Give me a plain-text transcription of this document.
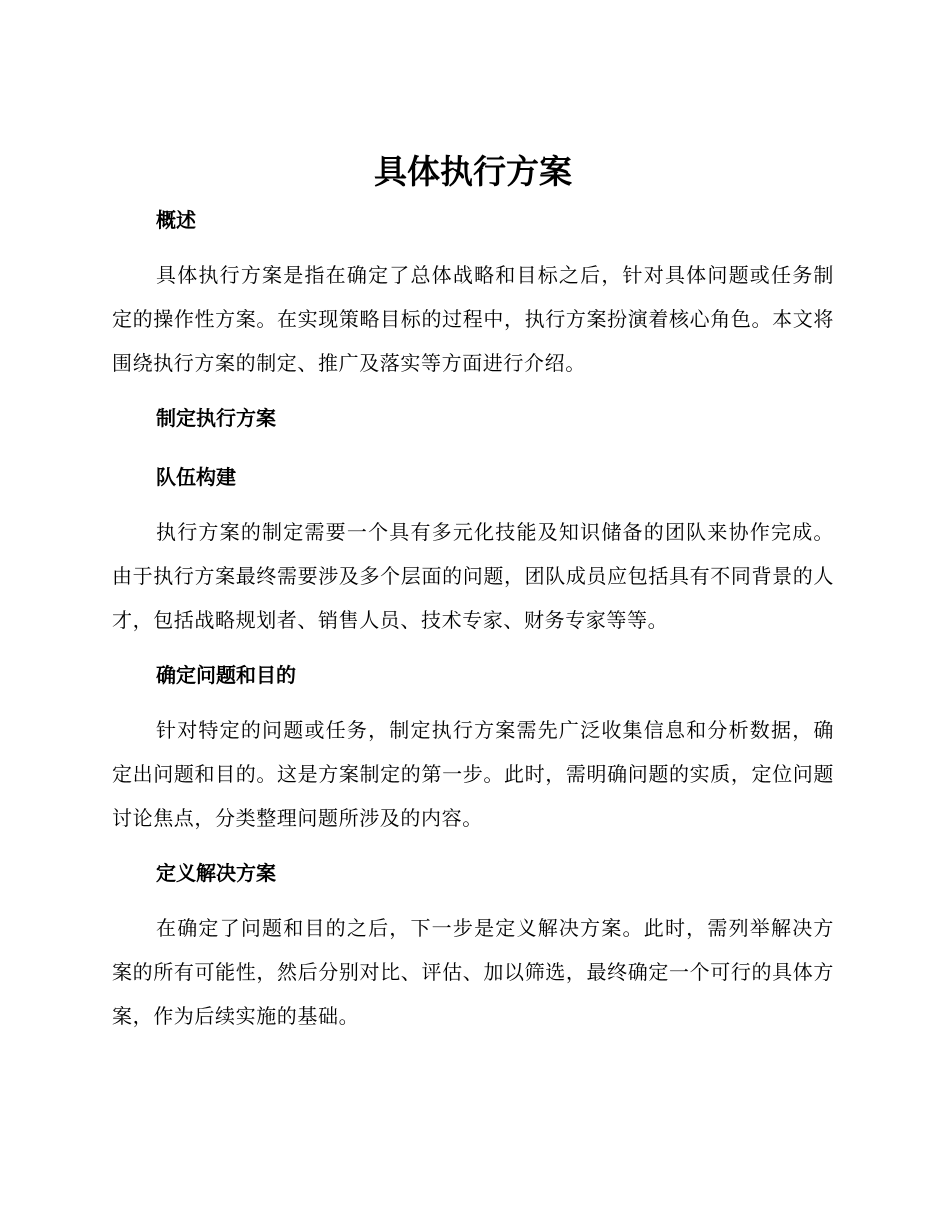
具体执行方案
概述

具体执行方案是指在确定了总体战略和目标之后，针对具体问题或任务制定的操作性方案。在实现策略目标的过程中，执行方案扮演着核心角色。本文将围绕执行方案的制定、推广及落实等方面进行介绍。

制定执行方案
队伍构建

执行方案的制定需要一个具有多元化技能及知识储备的团队来协作完成。由于执行方案最终需要涉及多个层面的问题，团队成员应包括具有不同背景的人才，包括战略规划者、销售人员、技术专家、财务专家等等。

确定问题和目的

针对特定的问题或任务，制定执行方案需先广泛收集信息和分析数据，确定出问题和目的。这是方案制定的第一步。此时，需明确问题的实质，定位问题讨论焦点，分类整理问题所涉及的内容。

定义解决方案

在确定了问题和目的之后，下一步是定义解决方案。此时，需列举解决方案的所有可能性，然后分别对比、评估、加以筛选，最终确定一个可行的具体方案，作为后续实施的基础。
